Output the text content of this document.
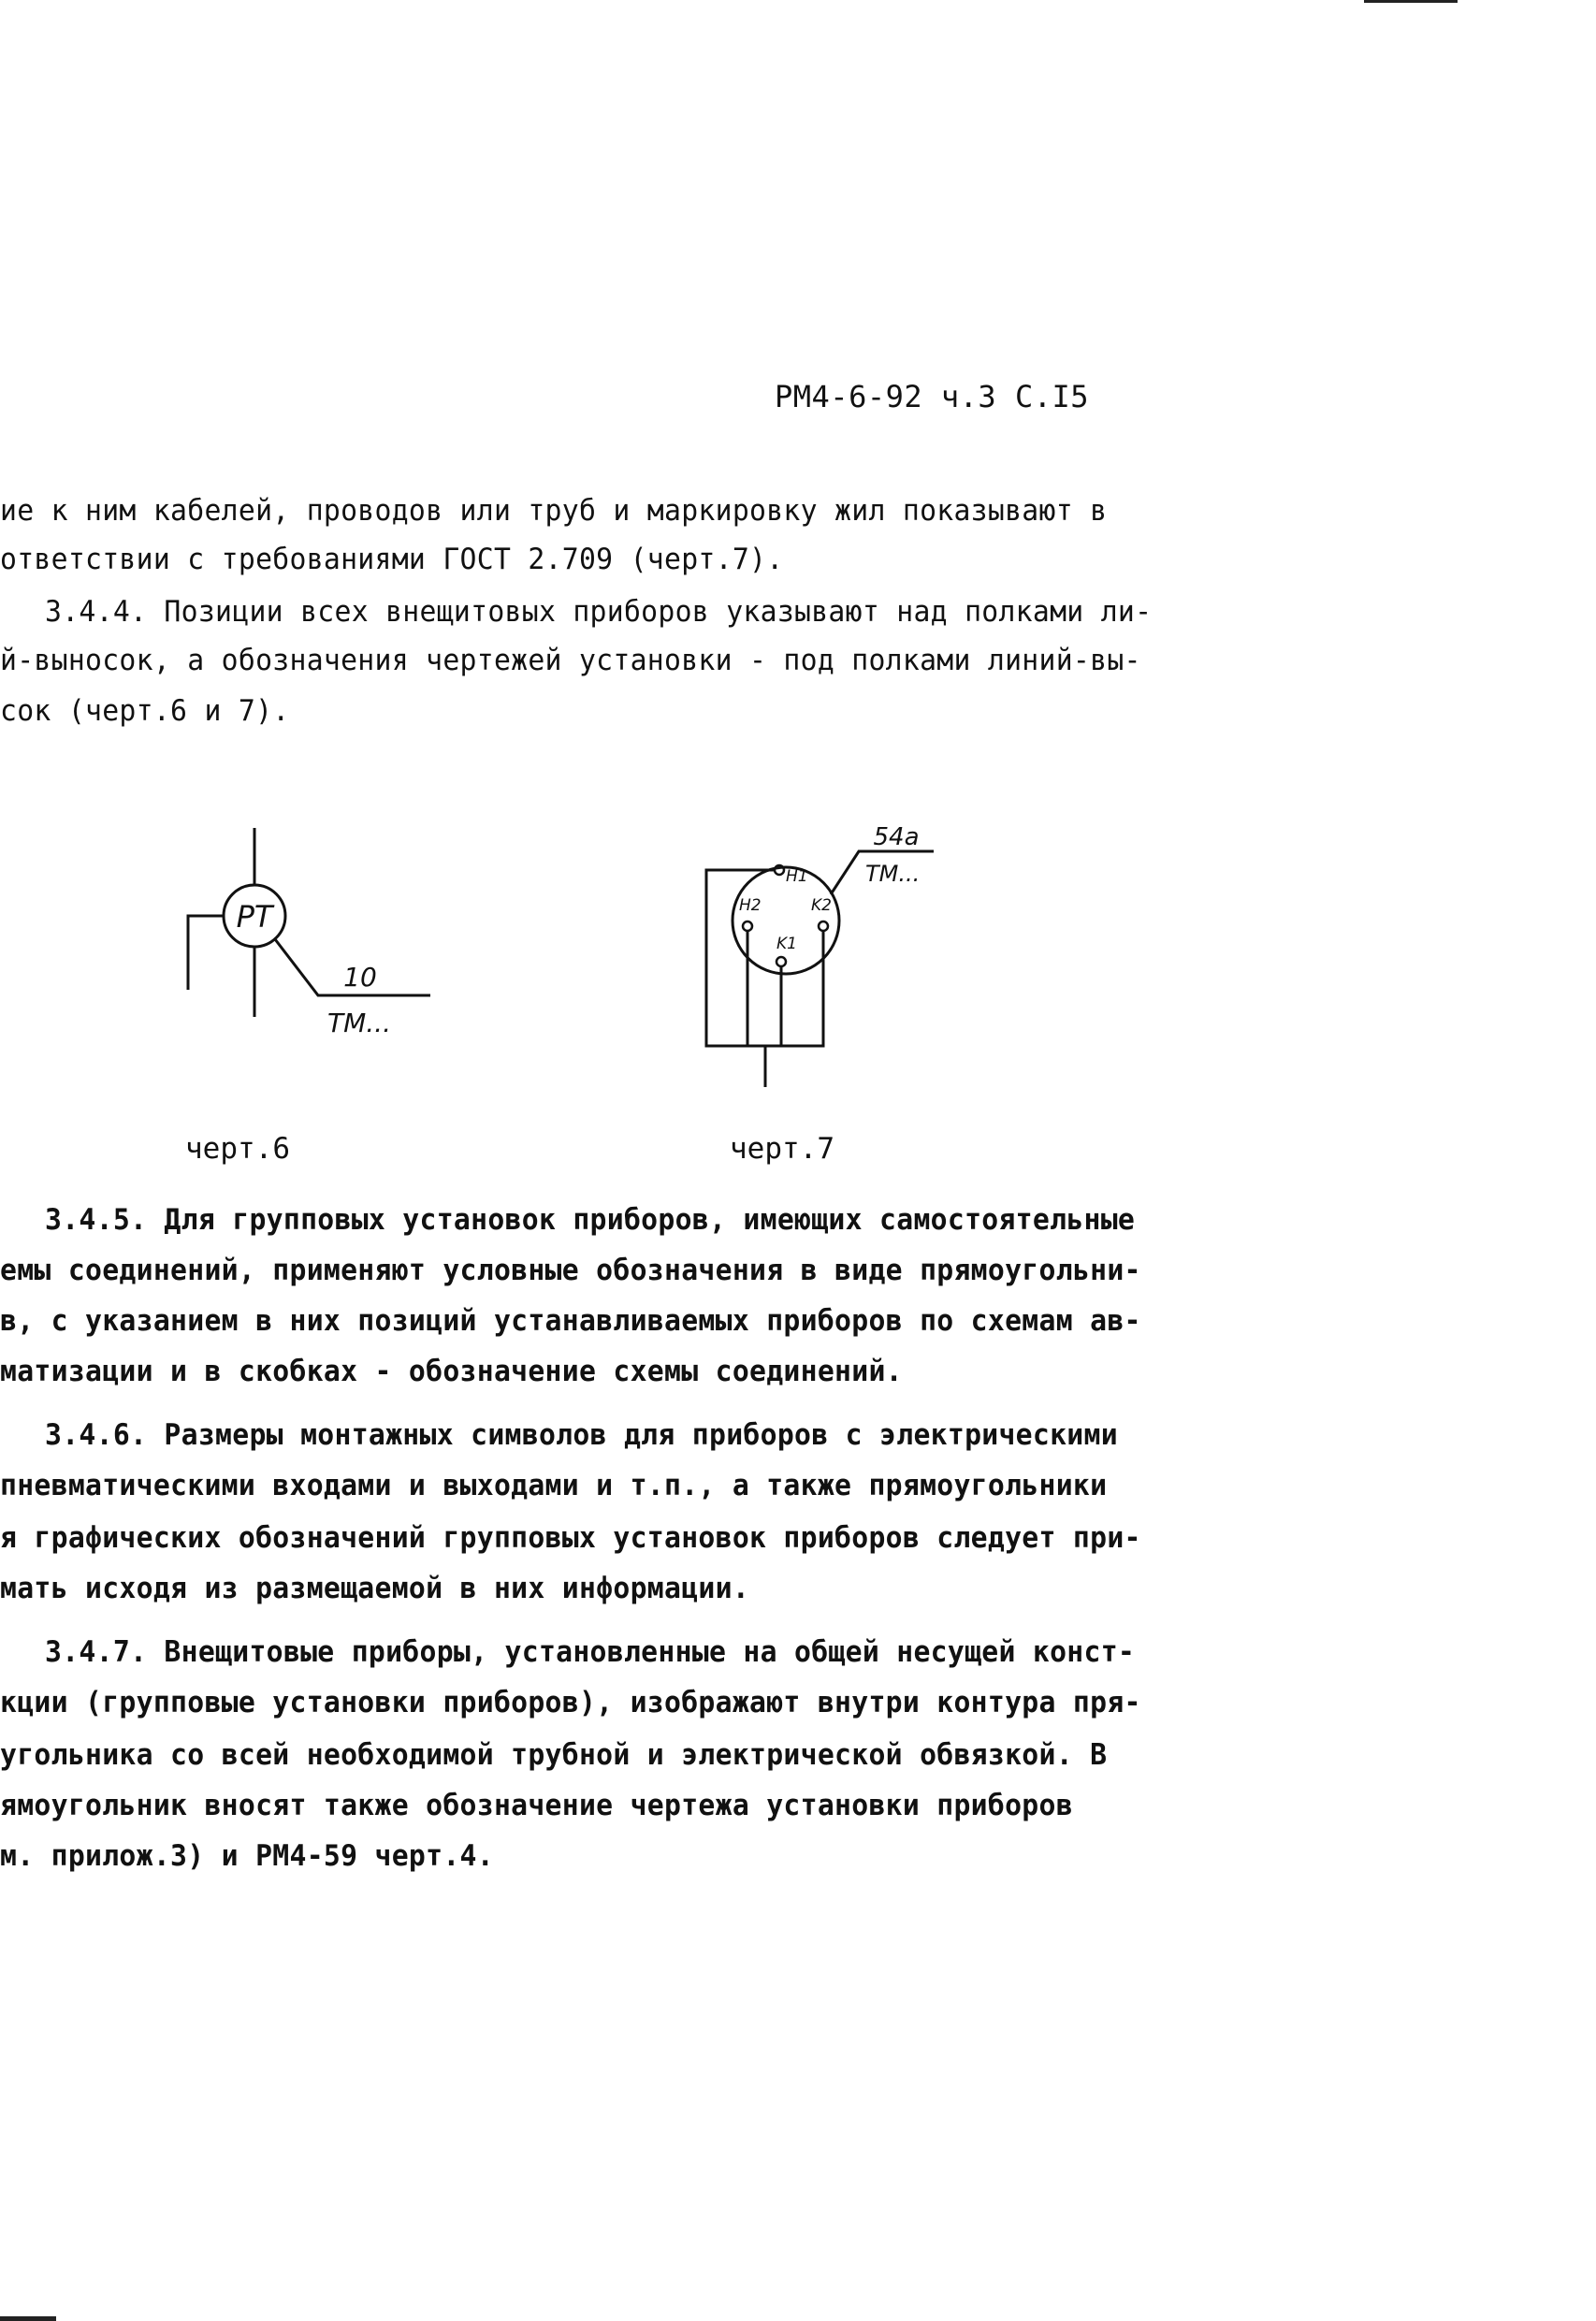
РМ4-6-92 ч.3 С.І5
ие к ним кабелей, проводов или труб и маркировку жил показывают в
ответствии с требованиями ГОСТ 2.709 (черт.7).
3.4.4. Позиции всех внещитовых приборов указывают над полками ли-
й-выносок, а обозначения чертежей установки - под полками линий-вы-
сок (черт.6 и 7).
PT
10
TM...
H1
H2	K2
K1
54a
TM...
черт.6	черт.7
3.4.5. Для групповых установок приборов, имеющих самостоятельные
емы соединений, применяют условные обозначения в виде прямоугольни-
в, с указанием в них позиций устанавливаемых приборов по схемам ав-
матизации и в скобках - обозначение схемы соединений.
3.4.6. Размеры монтажных символов для приборов с электрическими
пневматическими входами и выходами и т.п., а также прямоугольники
я графических обозначений групповых установок приборов следует при-
мать исходя из размещаемой в них информации.
3.4.7. Внещитовые приборы, установленные на общей несущей конст-
кции (групповые установки приборов), изображают внутри контура пря-
угольника со всей необходимой трубной и электрической обвязкой. В
ямоугольник вносят также обозначение чертежа установки приборов
м. прилож.3) и РМ4-59 черт.4.
